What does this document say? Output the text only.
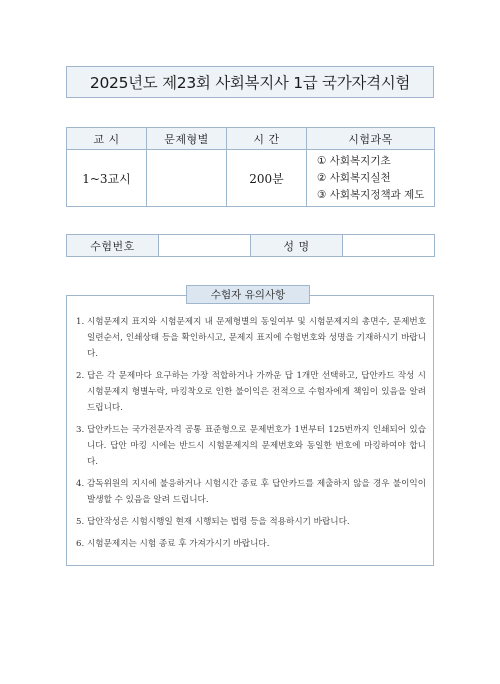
2025년도 제23회 사회복지사 1급 국가자격시험
교 시	문제형별	시 간	시험과목
1~3교시		200분	① 사회복지기초
② 사회복지실천
③ 사회복지정책과 제도
수험번호		성 명	
수험자 유의사항
1. 시험문제지 표지와 시험문제지 내 문제형별의 동일여부 및 시험문제지의 총면수, 문제번호 일련순서, 인쇄상태 등을 확인하시고, 문제지 표지에 수험번호와 성명을 기재하시기 바랍니다.
2. 답은 각 문제마다 요구하는 가장 적합하거나 가까운 답 1개만 선택하고, 답안카드 작성 시 시험문제지 형별누락, 마킹착오로 인한 불이익은 전적으로 수험자에게 책임이 있음을 알려 드립니다.
3. 답안카드는 국가전문자격 공통 표준형으로 문제번호가 1번부터 125번까지 인쇄되어 있습니다. 답안 마킹 시에는 반드시 시험문제지의 문제번호와 동일한 번호에 마킹하여야 합니다.
4. 감독위원의 지시에 불응하거나 시험시간 종료 후 답안카드를 제출하지 않을 경우 불이익이 발생할 수 있음을 알려 드립니다.
5. 답안작성은 시험시행일 현재 시행되는 법령 등을 적용하시기 바랍니다.
6. 시험문제지는 시험 종료 후 가져가시기 바랍니다.
